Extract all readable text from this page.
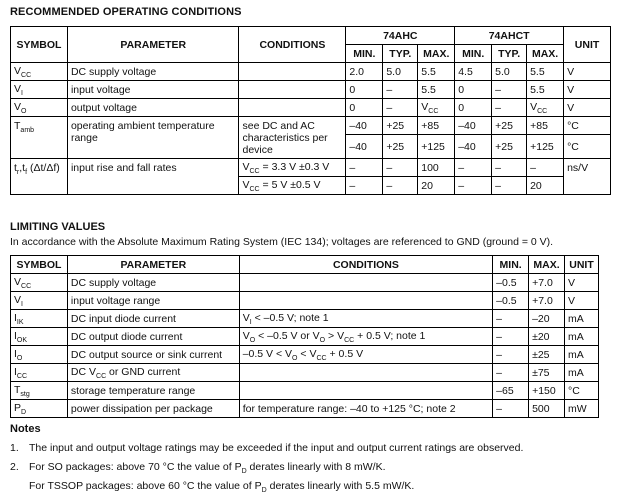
RECOMMENDED OPERATING CONDITIONS
SYMBOL	PARAMETER	CONDITIONS	74AHC			74AHCT			UNIT
			MIN.	TYP.	MAX.	MIN.	TYP.	MAX.	
$V_{CC}$	DC supply voltage		2.0	5.0	5.5	4.5	5.0	5.5	V
$V_I$	input voltage		0	–	5.5	0	–	5.5	V
$V_O$	output voltage		0	–	$V_{CC}$	0	–	$V_{CC}$	V
$T_{amb}$	operating ambient temperature range	see DC and AC characteristics per device	–40	+25	+85	–40	+25	+85	°C
			–40	+25	+125	–40	+25	+125	°C
$t_r,t_f$ (Δt/Δf)	input rise and fall rates	$V_{CC} = 3.3$ V ±0.3 V	–	–	100	–	–	–	ns/V
		$V_{CC} = 5$ V ±0.5 V	–	–	20	–	–	20	
LIMITING VALUES
In accordance with the Absolute Maximum Rating System (IEC 134); voltages are referenced to GND (ground = 0 V).
SYMBOL	PARAMETER	CONDITIONS	MIN.	MAX.	UNIT
$V_{CC}$	DC supply voltage		–0.5	+7.0	V
$V_I$	input voltage range		–0.5	+7.0	V
$I_{IK}$	DC input diode current	$V_I < -0.5$ V; note 1	–	–20	mA
$I_{OK}$	DC output diode current	$V_O < -0.5$ V or $V_O > V_{CC} + 0.5$ V; note 1	–	±20	mA
$I_O$	DC output source or sink current	–0.5 $V < V_O < V_{CC} + 0.5$ V	–	±25	mA
$I_{CC}$	DC $V_{CC}$ or GND current		–	±75	mA
$T_{stg}$	storage temperature range		–65	+150	°C
$P_D$	power dissipation per package	for temperature range: –40 to +125 °C; note 2	–	500	mW
Notes
1. The input and output voltage ratings may be exceeded if the input and output current ratings are observed.
2. For SO packages: above 70 °C the value of $P_D$ derates linearly with 8 mW/K.
For TSSOP packages: above 60 °C the value of $P_D$ derates linearly with 5.5 mW/K.
